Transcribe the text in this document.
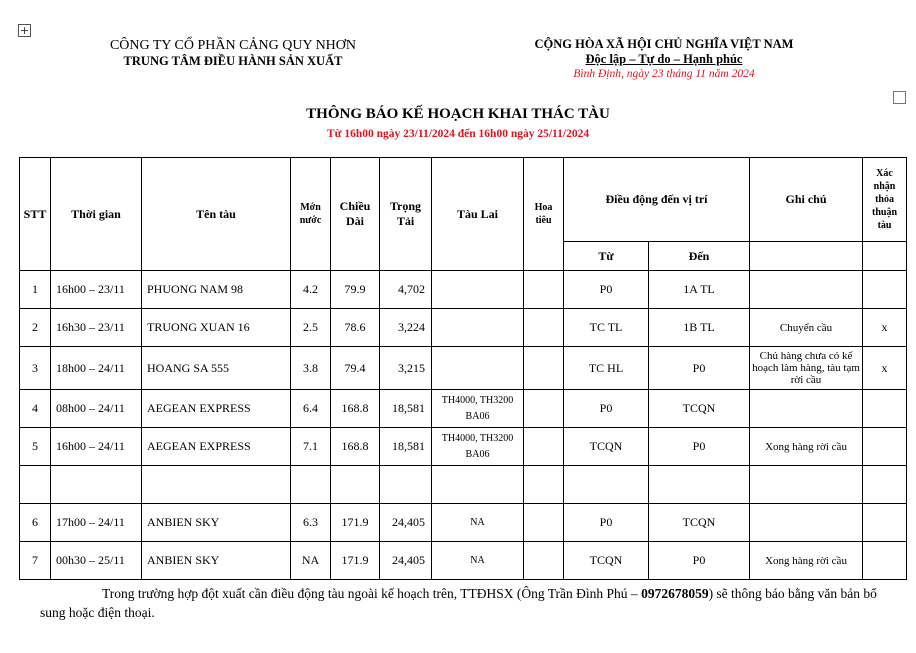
+
CÔNG TY CỔ PHẦN CẢNG QUY NHƠN
TRUNG TÂM ĐIỀU HÀNH SẢN XUẤT
CỘNG HÒA XÃ HỘI CHỦ NGHĨA VIỆT NAM
Độc lập – Tự do – Hạnh phúc
Bình Định, ngày 23 tháng 11 năm 2024
THÔNG BÁO KẾ HOẠCH KHAI THÁC TÀU
Từ 16h00 ngày 23/11/2024 đến 16h00 ngày 25/11/2024
STT	Thời gian	Tên tàu	Mớn nước	Chiều Dài	Trọng Tải	Tàu Lai	Hoa tiêu	Điều động đến vị trí		Ghi chú	Xác nhận thỏa thuận tàu
								Từ	Đến		
1	16h00 – 23/11	PHUONG NAM 98	4.2	79.9	4,702			P0	1A TL		
2	16h30 – 23/11	TRUONG XUAN 16	2.5	78.6	3,224			TC TL	1B TL	Chuyển cầu	x
3	18h00 – 24/11	HOANG SA 555	3.8	79.4	3,215			TC HL	P0	Chủ hàng chưa có kế hoạch làm hàng, tàu tạm rời cầu	x
4	08h00 – 24/11	AEGEAN EXPRESS	6.4	168.8	18,581	TH4000, TH3200 BA06		P0	TCQN		
5	16h00 – 24/11	AEGEAN EXPRESS	7.1	168.8	18,581	TH4000, TH3200 BA06		TCQN	P0	Xong hàng rời cầu	

6	17h00 – 24/11	ANBIEN SKY	6.3	171.9	24,405	NA		P0	TCQN		
7	00h30 – 25/11	ANBIEN SKY	NA	171.9	24,405	NA		TCQN	P0	Xong hàng rời cầu	
Trong trường hợp đột xuất cần điều động tàu ngoài kế hoạch trên, TTĐHSX (Ông Trần Đình Phú – 0972678059) sẽ thông báo bằng văn bản bổ sung hoặc điện thoại.
